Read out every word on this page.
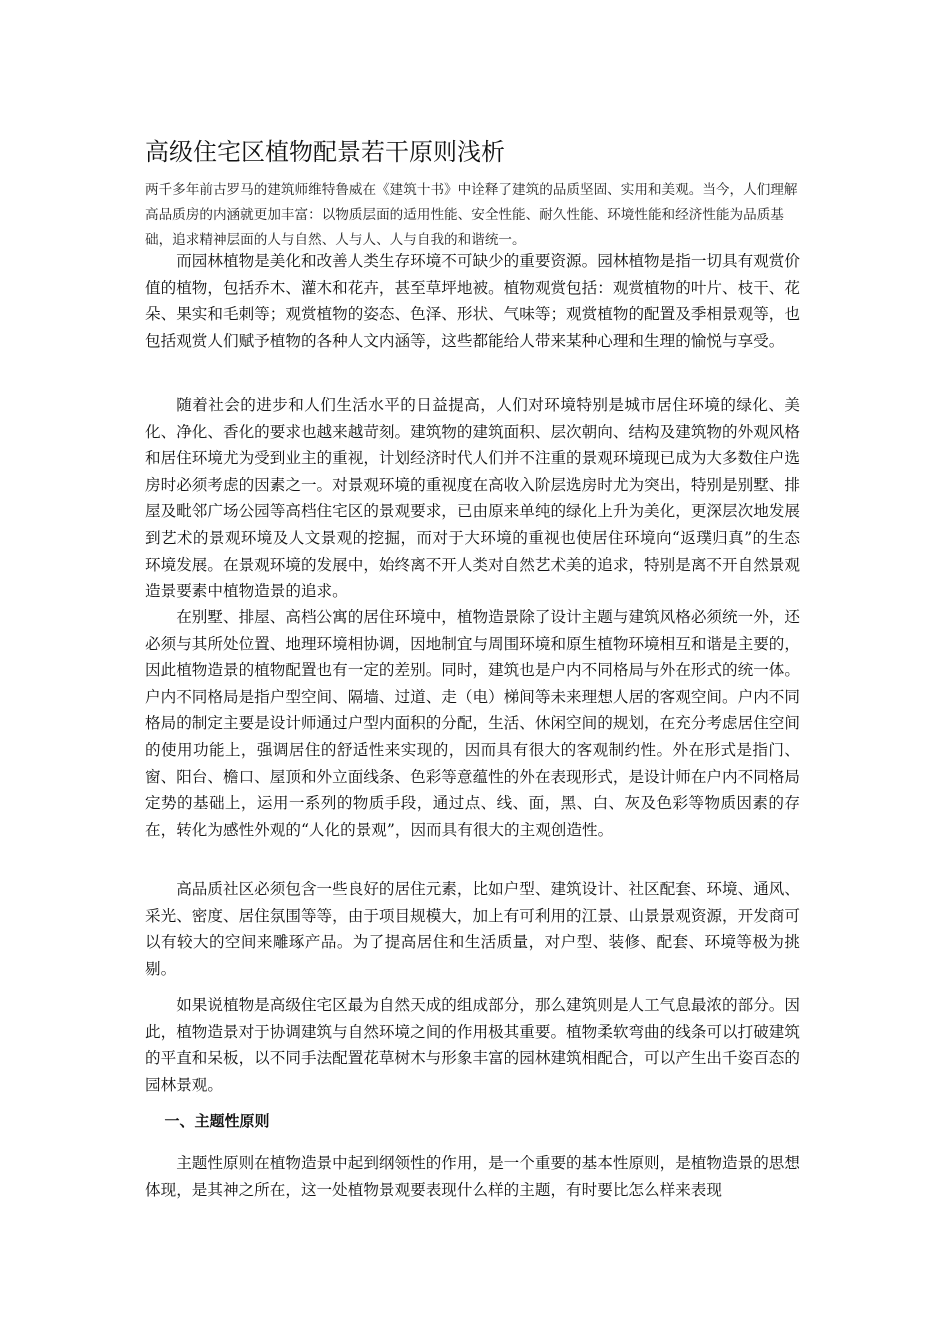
高级住宅区植物配景若干原则浅析

两千多年前古罗马的建筑师维特鲁威在《建筑十书》中诠释了建筑的品质坚固、实用和美观。当今，人们理解高品质房的内涵就更加丰富：以物质层面的适用性能、安全性能、耐久性能、环境性能和经济性能为品质基础，追求精神层面的人与自然、人与人、人与自我的和谐统一。

而园林植物是美化和改善人类生存环境不可缺少的重要资源。园林植物是指一切具有观赏价值的植物，包括乔木、灌木和花卉，甚至草坪地被。植物观赏包括：观赏植物的叶片、枝干、花朵、果实和毛刺等；观赏植物的姿态、色泽、形状、气味等；观赏植物的配置及季相景观等，也包括观赏人们赋予植物的各种人文内涵等，这些都能给人带来某种心理和生理的愉悦与享受。

随着社会的进步和人们生活水平的日益提高，人们对环境特别是城市居住环境的绿化、美化、净化、香化的要求也越来越苛刻。建筑物的建筑面积、层次朝向、结构及建筑物的外观风格和居住环境尤为受到业主的重视，计划经济时代人们并不注重的景观环境现已成为大多数住户选房时必须考虑的因素之一。对景观环境的重视度在高收入阶层选房时尤为突出，特别是别墅、排屋及毗邻广场公园等高档住宅区的景观要求，已由原来单纯的绿化上升为美化，更深层次地发展到艺术的景观环境及人文景观的挖掘，而对于大环境的重视也使居住环境向“返璞归真”的生态环境发展。在景观环境的发展中，始终离不开人类对自然艺术美的追求，特别是离不开自然景观造景要素中植物造景的追求。

在别墅、排屋、高档公寓的居住环境中，植物造景除了设计主题与建筑风格必须统一外，还必须与其所处位置、地理环境相协调，因地制宜与周围环境和原生植物环境相互和谐是主要的，因此植物造景的植物配置也有一定的差别。同时，建筑也是户内不同格局与外在形式的统一体。户内不同格局是指户型空间、隔墙、过道、走（电）梯间等未来理想人居的客观空间。户内不同格局的制定主要是设计师通过户型内面积的分配，生活、休闲空间的规划，在充分考虑居住空间的使用功能上，强调居住的舒适性来实现的，因而具有很大的客观制约性。外在形式是指门、窗、阳台、檐口、屋顶和外立面线条、色彩等意蕴性的外在表现形式，是设计师在户内不同格局定势的基础上，运用一系列的物质手段，通过点、线、面，黑、白、灰及色彩等物质因素的存在，转化为感性外观的“人化的景观”，因而具有很大的主观创造性。

高品质社区必须包含一些良好的居住元素，比如户型、建筑设计、社区配套、环境、通风、采光、密度、居住氛围等等，由于项目规模大，加上有可利用的江景、山景景观资源，开发商可以有较大的空间来雕琢产品。为了提高居住和生活质量，对户型、装修、配套、环境等极为挑剔。

如果说植物是高级住宅区最为自然天成的组成部分，那么建筑则是人工气息最浓的部分。因此，植物造景对于协调建筑与自然环境之间的作用极其重要。植物柔软弯曲的线条可以打破建筑的平直和呆板，以不同手法配置花草树木与形象丰富的园林建筑相配合，可以产生出千姿百态的园林景观。

一、主题性原则

主题性原则在植物造景中起到纲领性的作用，是一个重要的基本性原则，是植物造景的思想体现，是其神之所在，这一处植物景观要表现什么样的主题，有时要比怎么样来表现
